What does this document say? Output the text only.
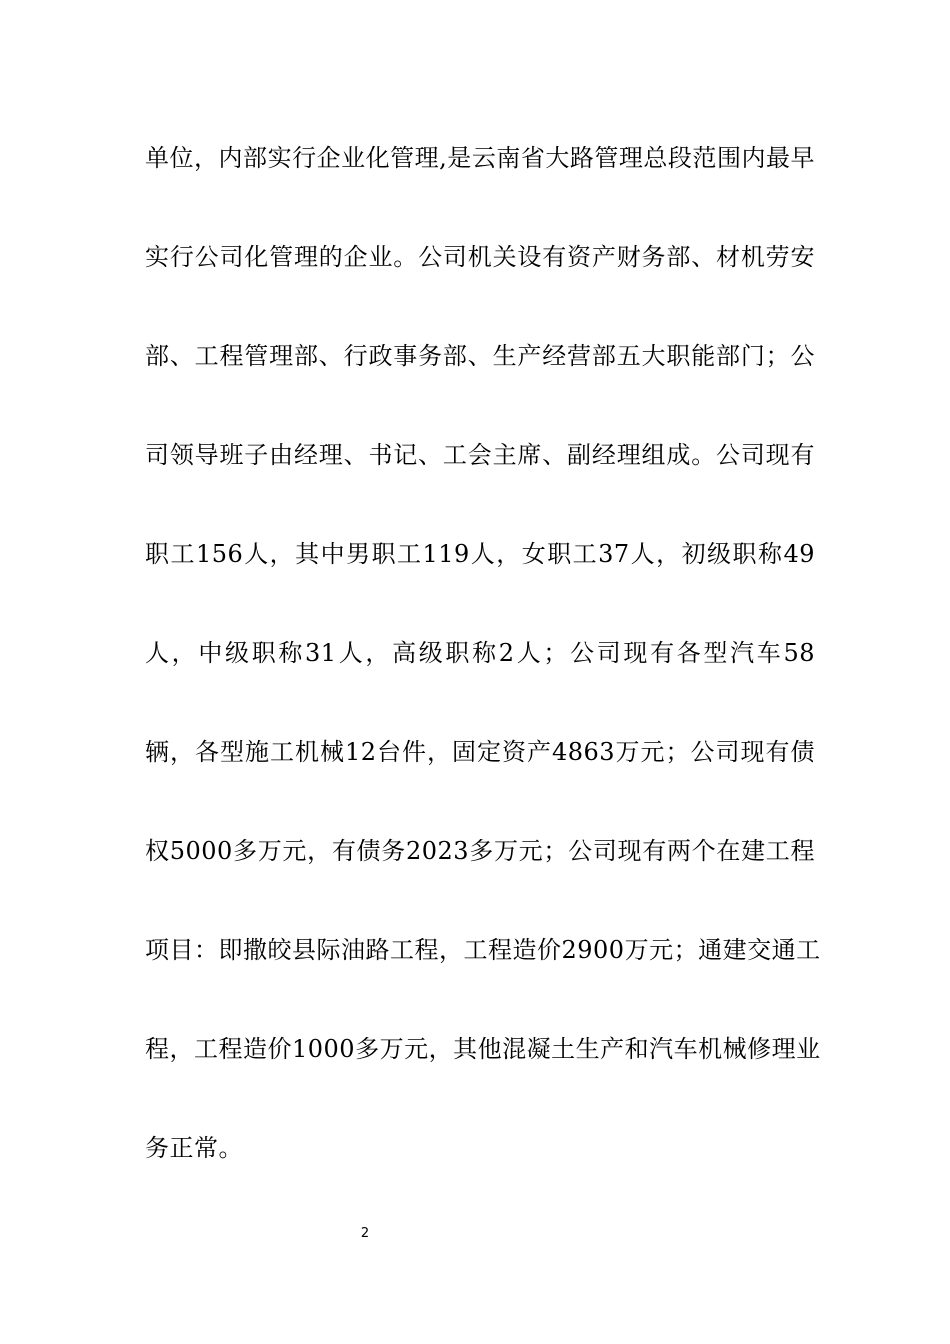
单位，内部实行企业化管理,是云南省大路管理总段范围内最早
实行公司化管理的企业。公司机关设有资产财务部、材机劳安
部、工程管理部、行政事务部、生产经营部五大职能部门；公
司领导班子由经理、书记、工会主席、副经理组成。公司现有
职工156人，其中男职工119人，女职工37人，初级职称49
人，中级职称31人，高级职称2人；公司现有各型汽车58
辆，各型施工机械12台件，固定资产4863万元；公司现有债
权5000多万元，有债务2023多万元；公司现有两个在建工程
项目：即撒皎县际油路工程，工程造价2900万元；通建交通工
程，工程造价1000多万元，其他混凝土生产和汽车机械修理业
务正常。
2
